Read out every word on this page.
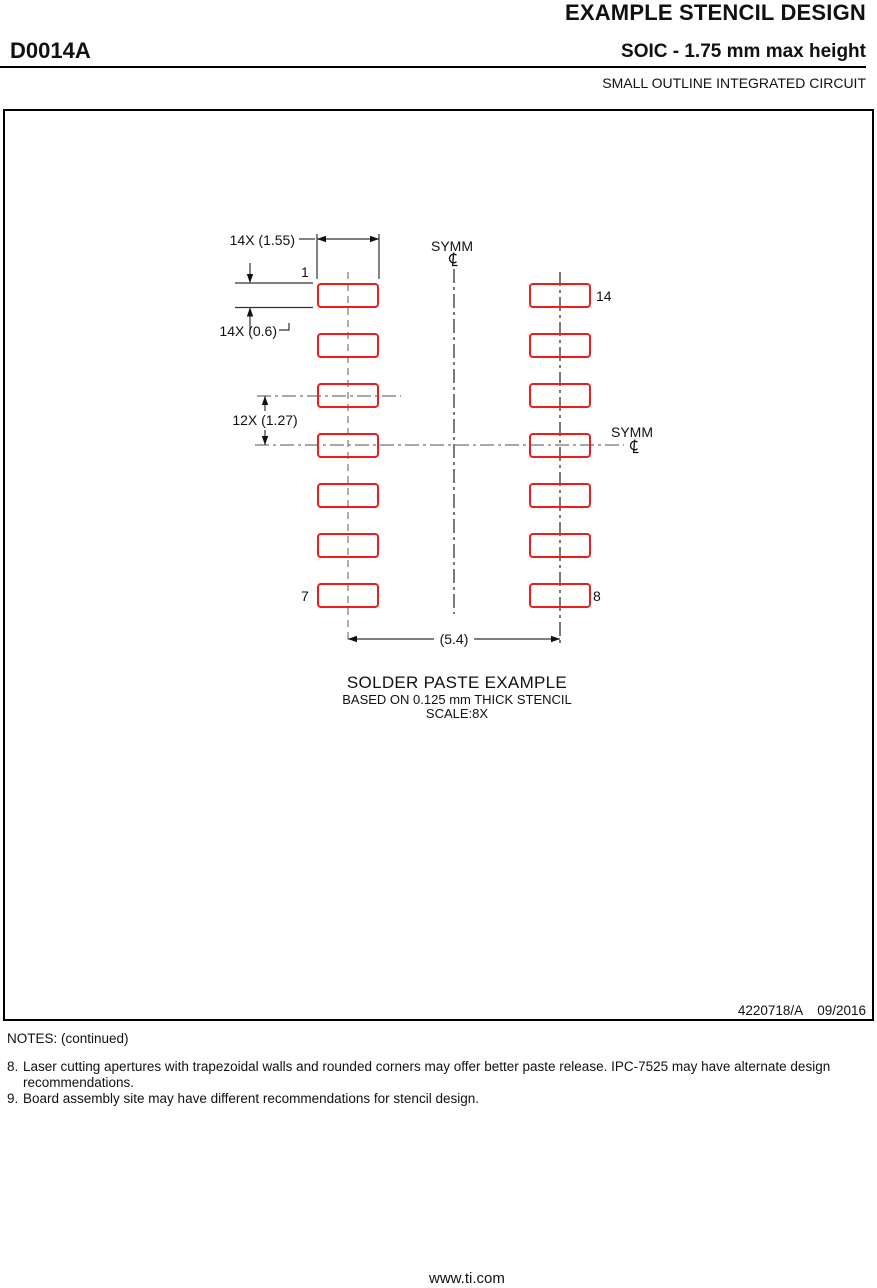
EXAMPLE STENCIL DESIGN
D0014A	SOIC - 1.75 mm max height
SMALL OUTLINE INTEGRATED CIRCUIT
14X (1.55)
14X (0.6)
12X (1.27)
(5.4)
1
7	8
14
SYMM
SYMM
SOLDER PASTE EXAMPLE
BASED ON 0.125 mm THICK STENCIL
SCALE:8X
4220718/A 09/2016
NOTES: (continued)
8. Laser cutting apertures with trapezoidal walls and rounded corners may offer better paste release. IPC-7525 may have alternate design recommendations.
9. Board assembly site may have different recommendations for stencil design.
www.ti.com
